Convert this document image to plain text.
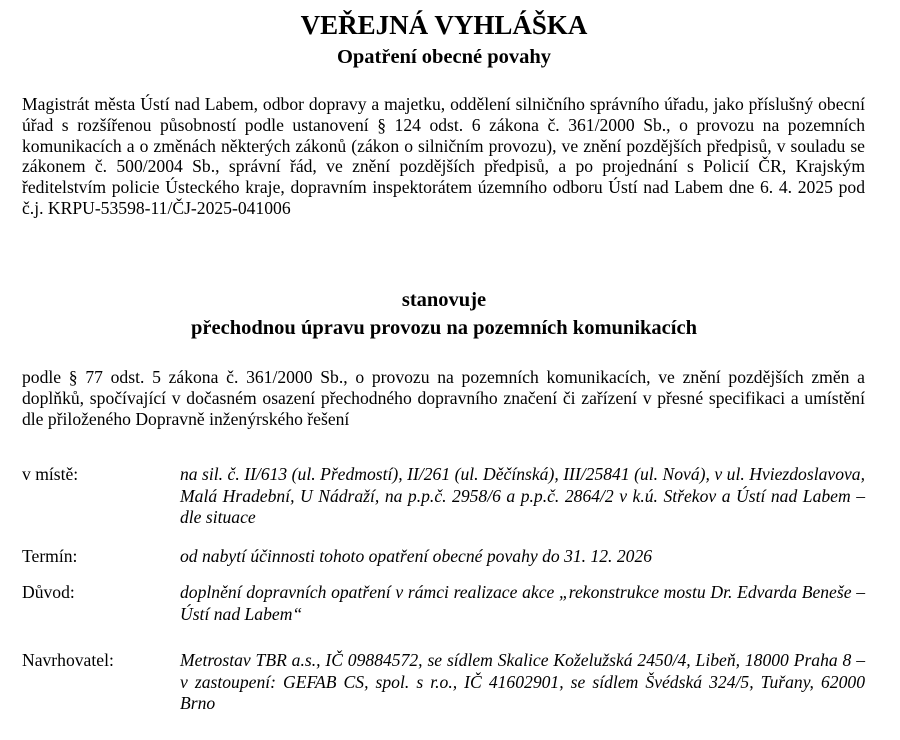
VEŘEJNÁ VYHLÁŠKA
Opatření obecné povahy

Magistrát města Ústí nad Labem, odbor dopravy a majetku, oddělení silničního správního úřadu, jako příslušný obecní úřad s rozšířenou působností podle ustanovení § 124 odst. 6 zákona č. 361/2000 Sb., o provozu na pozemních komunikacích a o změnách některých zákonů (zákon o silničním provozu), ve znění pozdějších předpisů, v souladu se zákonem č. 500/2004 Sb., správní řád, ve znění pozdějších předpisů, a po projednání s Policií ČR, Krajským ředitelstvím policie Ústeckého kraje, dopravním inspektorátem územního odboru Ústí nad Labem dne 6. 4. 2025 pod č.j. KRPU-53598-11/ČJ-2025-041006

stanovuje
přechodnou úpravu provozu na pozemních komunikacích

podle § 77 odst. 5 zákona č. 361/2000 Sb., o provozu na pozemních komunikacích, ve znění pozdějších změn a doplňků, spočívající v dočasném osazení přechodného dopravního značení či zařízení v přesné specifikaci a umístění dle přiloženého Dopravně inženýrského řešení

v místě:	na sil. č. II/613 (ul. Předmostí), II/261 (ul. Děčínská), III/25841 (ul. Nová), v ul. Hviezdoslavova, Malá Hradební, U Nádraží, na p.p.č. 2958/6 a p.p.č. 2864/2 v k.ú. Střekov a Ústí nad Labem – dle situace
Termín:	od nabytí účinnosti tohoto opatření obecné povahy do 31. 12. 2026
Důvod:	doplnění dopravních opatření v rámci realizace akce „rekonstrukce mostu Dr. Edvarda Beneše – Ústí nad Labem“
Navrhovatel:	Metrostav TBR a.s., IČ 09884572, se sídlem Skalice Koželužská 2450/4, Libeň, 18000 Praha 8 – v zastoupení: GEFAB CS, spol. s r.o., IČ 41602901, se sídlem Švédská 324/5, Tuřany, 62000 Brno
